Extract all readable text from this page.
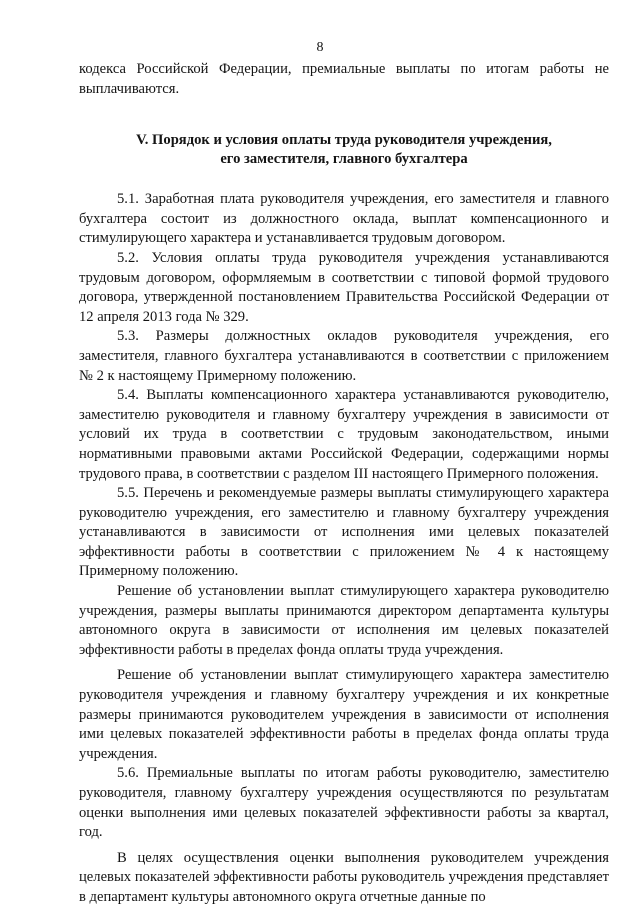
8

кодекса Российской Федерации, премиальные выплаты по итогам работы не выплачиваются.

V. Порядок и условия оплаты труда руководителя учреждения,
его заместителя, главного бухгалтера

5.1. Заработная плата руководителя учреждения, его заместителя и главного бухгалтера состоит из должностного оклада, выплат компенсационного и стимулирующего характера и устанавливается трудовым договором.

5.2. Условия оплаты труда руководителя учреждения устанавливаются трудовым договором, оформляемым в соответствии с типовой формой трудового договора, утвержденной постановлением Правительства Российской Федерации от 12 апреля 2013 года № 329.

5.3. Размеры должностных окладов руководителя учреждения, его заместителя, главного бухгалтера устанавливаются в соответствии с приложением № 2 к настоящему Примерному положению.

5.4. Выплаты компенсационного характера устанавливаются руководителю, заместителю руководителя и главному бухгалтеру учреждения в зависимости от условий их труда в соответствии с трудовым законодательством, иными нормативными правовыми актами Российской Федерации, содержащими нормы трудового права, в соответствии с разделом III настоящего Примерного положения.

5.5. Перечень и рекомендуемые размеры выплаты стимулирующего характера руководителю учреждения, его заместителю и главному бухгалтеру учреждения устанавливаются в зависимости от исполнения ими целевых показателей эффективности работы в соответствии с приложением № 4 к настоящему Примерному положению.

Решение об установлении выплат стимулирующего характера руководителю учреждения, размеры выплаты принимаются директором департамента культуры автономного округа в зависимости от исполнения им целевых показателей эффективности работы в пределах фонда оплаты труда учреждения.

Решение об установлении выплат стимулирующего характера заместителю руководителя учреждения и главному бухгалтеру учреждения и их конкретные размеры принимаются руководителем учреждения в зависимости от исполнения ими целевых показателей эффективности работы в пределах фонда оплаты труда учреждения.

5.6. Премиальные выплаты по итогам работы руководителю, заместителю руководителя, главному бухгалтеру учреждения осуществляются по результатам оценки выполнения ими целевых показателей эффективности работы за квартал, год.

В целях осуществления оценки выполнения руководителем учреждения целевых показателей эффективности работы руководитель учреждения представляет в департамент культуры автономного округа отчетные данные по
